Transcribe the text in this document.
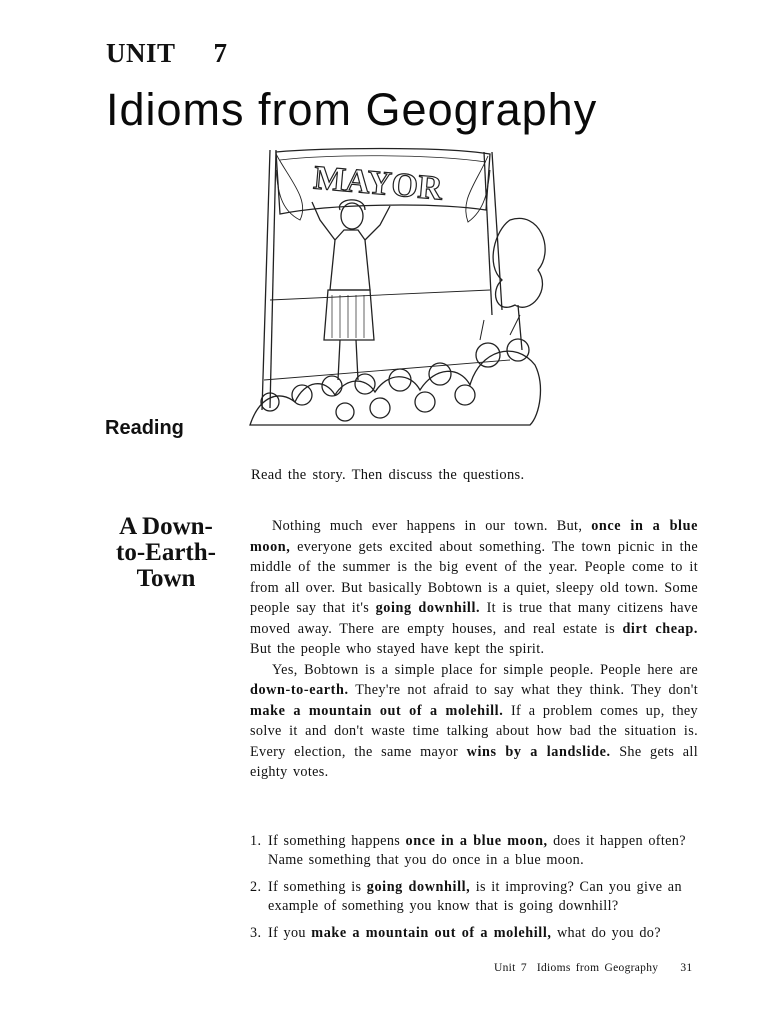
UNIT 7
Idioms from Geography
MAYOR
Reading
Read the story. Then discuss the questions.
A Down-
to-Earth-
Town

Nothing much ever happens in our town. But, once in a blue moon, everyone gets excited about something. The town picnic in the middle of the summer is the big event of the year. People come to it from all over. But basically Bobtown is a quiet, sleepy old town. Some people say that it's going downhill. It is true that many citizens have moved away. There are empty houses, and real estate is dirt cheap. But the people who stayed have kept the spirit.

Yes, Bobtown is a simple place for simple people. People here are down-to-earth. They're not afraid to say what they think. They don't make a mountain out of a molehill. If a problem comes up, they solve it and don't waste time talking about how bad the situation is. Every election, the same mayor wins by a landslide. She gets all eighty votes.

1. If something happens once in a blue moon, does it happen often? Name something that you do once in a blue moon.
2. If something is going downhill, is it improving? Can you give an example of something you know that is going downhill?
3. If you make a mountain out of a molehill, what do you do?
Unit 7 Idioms from Geography 31
